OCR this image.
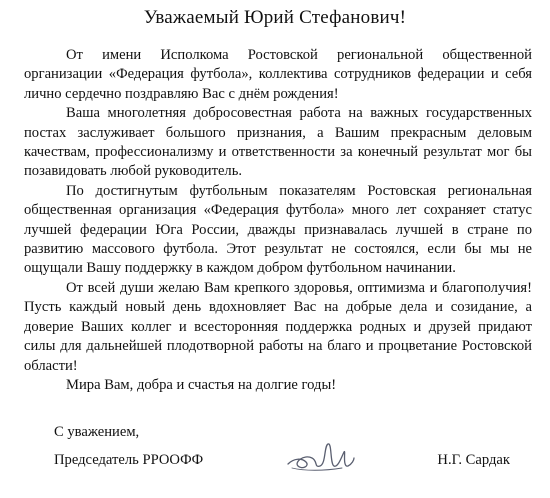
Уважаемый Юрий Стефанович!

От имени Исполкома Ростовской региональной общественной организации «Федерация футбола», коллектива сотрудников федерации и себя лично сердечно поздравляю Вас с днём рождения!

Ваша многолетняя добросовестная работа на важных государственных постах заслуживает большого признания, а Вашим прекрасным деловым качествам, профессионализму и ответственности за конечный результат мог бы позавидовать любой руководитель.

По достигнутым футбольным показателям Ростовская региональная общественная организация «Федерация футбола» много лет сохраняет статус лучшей федерации Юга России, дважды признавалась лучшей в стране по развитию массового футбола. Этот результат не состоялся, если бы мы не ощущали Вашу поддержку в каждом добром футбольном начинании.

От всей души желаю Вам крепкого здоровья, оптимизма и благополучия! Пусть каждый новый день вдохновляет Вас на добрые дела и созидание, а доверие Ваших коллег и всесторонняя поддержка родных и друзей придают силы для дальнейшей плодотворной работы на благо и процветание Ростовской области!

Мира Вам, добра и счастья на долгие годы!

С уважением,
Председатель РРООФФ	Н.Г. Сардак
